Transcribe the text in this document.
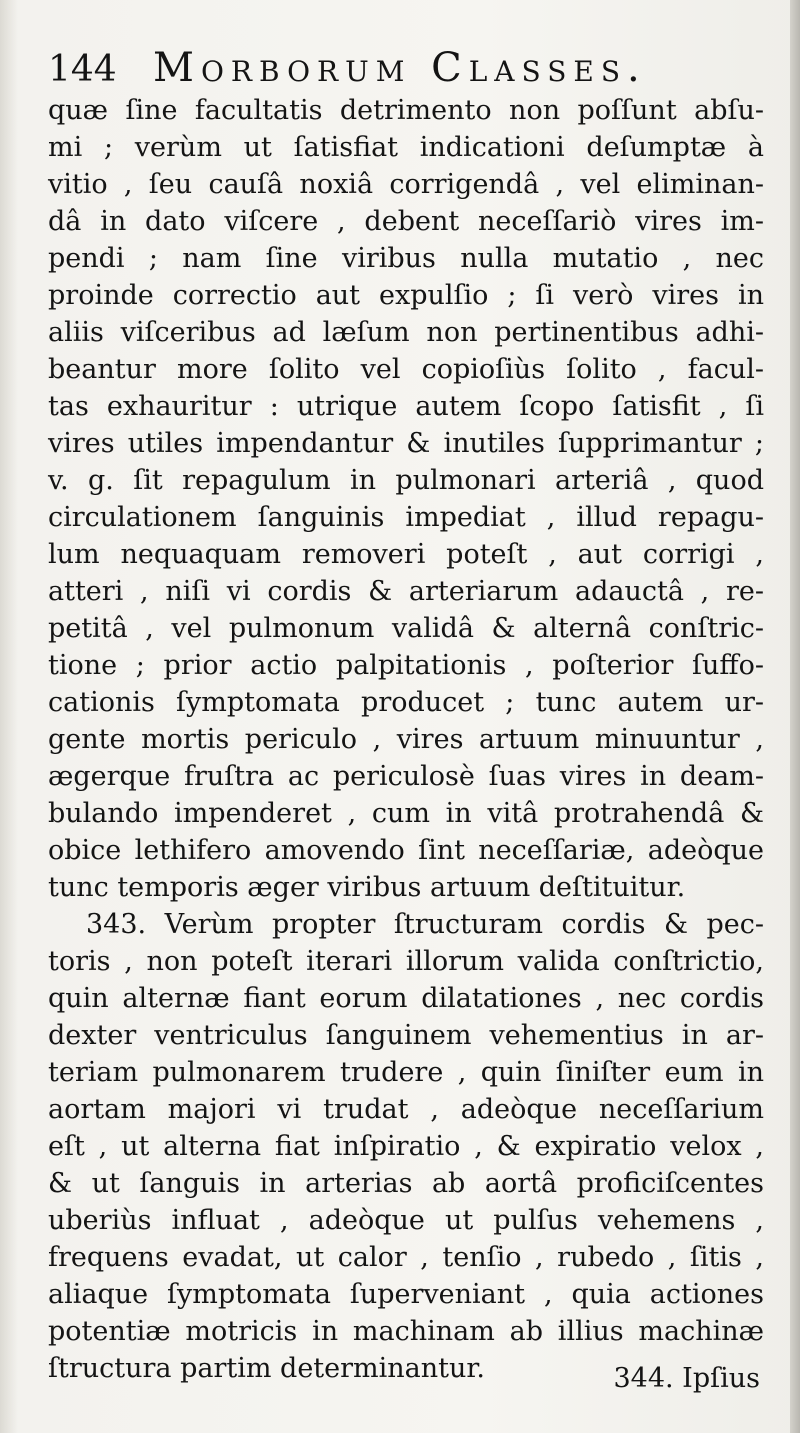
144 Morborum Classes.
quæ ſine facultatis detrimento non poſſunt abſu-
mi ; verùm ut ſatisfiat indicationi deſumptæ à
vitio , ſeu cauſâ noxiâ corrigendâ , vel eliminan-
dâ in dato viſcere , debent neceſſariò vires im-
pendi ; nam ſine viribus nulla mutatio , nec
proinde correctio aut expulſio ; ſi verò vires in
aliis viſceribus ad læſum non pertinentibus adhi-
beantur more ſolito vel copioſiùs ſolito , facul-
tas exhauritur : utrique autem ſcopo ſatisfit , ſi
vires utiles impendantur & inutiles ſupprimantur ;
v. g. ſit repagulum in pulmonari arteriâ , quod
circulationem ſanguinis impediat , illud repagu-
lum nequaquam removeri poteſt , aut corrigi ,
atteri , niſi vi cordis & arteriarum adauctâ , re-
petitâ , vel pulmonum validâ & alternâ conſtric-
tione ; prior actio palpitationis , poſterior ſuffo-
cationis ſymptomata producet ; tunc autem ur-
gente mortis periculo , vires artuum minuuntur ,
ægerque fruſtra ac periculosè ſuas vires in deam-
bulando impenderet , cum in vitâ protrahendâ &
obice lethifero amovendo ſint neceſſariæ, adeòque
tunc temporis æger viribus artuum deſtituitur.
343. Verùm propter ſtructuram cordis & pec-
toris , non poteſt iterari illorum valida conſtrictio,
quin alternæ fiant eorum dilatationes , nec cordis
dexter ventriculus ſanguinem vehementius in ar-
teriam pulmonarem trudere , quin ſiniſter eum in
aortam majori vi trudat , adeòque neceſſarium
eſt , ut alterna fiat inſpiratio , & expiratio velox ,
& ut ſanguis in arterias ab aortâ proficiſcentes
uberiùs influat , adeòque ut pulſus vehemens ,
frequens evadat, ut calor , tenſio , rubedo , ſitis ,
aliaque ſymptomata ſuperveniant , quia actiones
potentiæ motricis in machinam ab illius machinæ
ſtructura partim determinantur.	344. Ipſius
